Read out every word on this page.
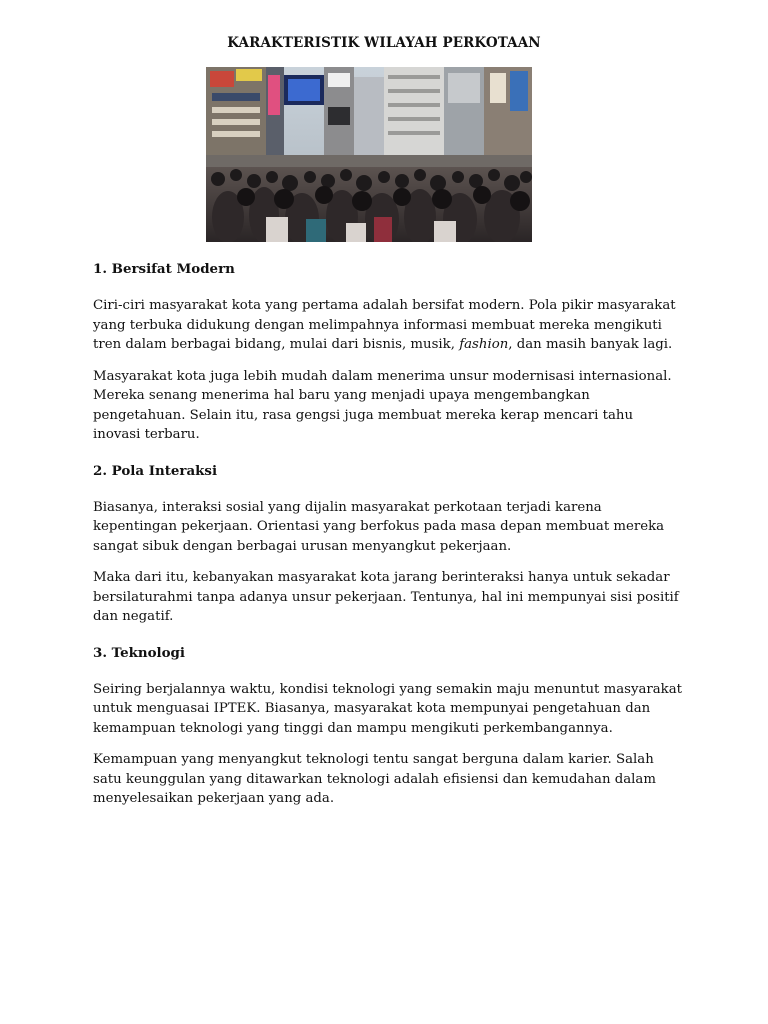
KARAKTERISTIK WILAYAH PERKOTAAN
1. Bersifat Modern

Ciri-ciri masyarakat kota yang pertama adalah bersifat modern. Pola pikir masyarakat yang terbuka didukung dengan melimpahnya informasi membuat mereka mengikuti tren dalam berbagai bidang, mulai dari bisnis, musik, fashion, dan masih banyak lagi.

Masyarakat kota juga lebih mudah dalam menerima unsur modernisasi internasional. Mereka senang menerima hal baru yang menjadi upaya mengembangkan pengetahuan. Selain itu, rasa gengsi juga membuat mereka kerap mencari tahu inovasi terbaru.

2. Pola Interaksi

Biasanya, interaksi sosial yang dijalin masyarakat perkotaan terjadi karena kepentingan pekerjaan. Orientasi yang berfokus pada masa depan membuat mereka sangat sibuk dengan berbagai urusan menyangkut pekerjaan.

Maka dari itu, kebanyakan masyarakat kota jarang berinteraksi hanya untuk sekadar bersilaturahmi tanpa adanya unsur pekerjaan. Tentunya, hal ini mempunyai sisi positif dan negatif.

3. Teknologi

Seiring berjalannya waktu, kondisi teknologi yang semakin maju menuntut masyarakat untuk menguasai IPTEK. Biasanya, masyarakat kota mempunyai pengetahuan dan kemampuan teknologi yang tinggi dan mampu mengikuti perkembangannya.

Kemampuan yang menyangkut teknologi tentu sangat berguna dalam karier. Salah satu keunggulan yang ditawarkan teknologi adalah efisiensi dan kemudahan dalam menyelesaikan pekerjaan yang ada.
